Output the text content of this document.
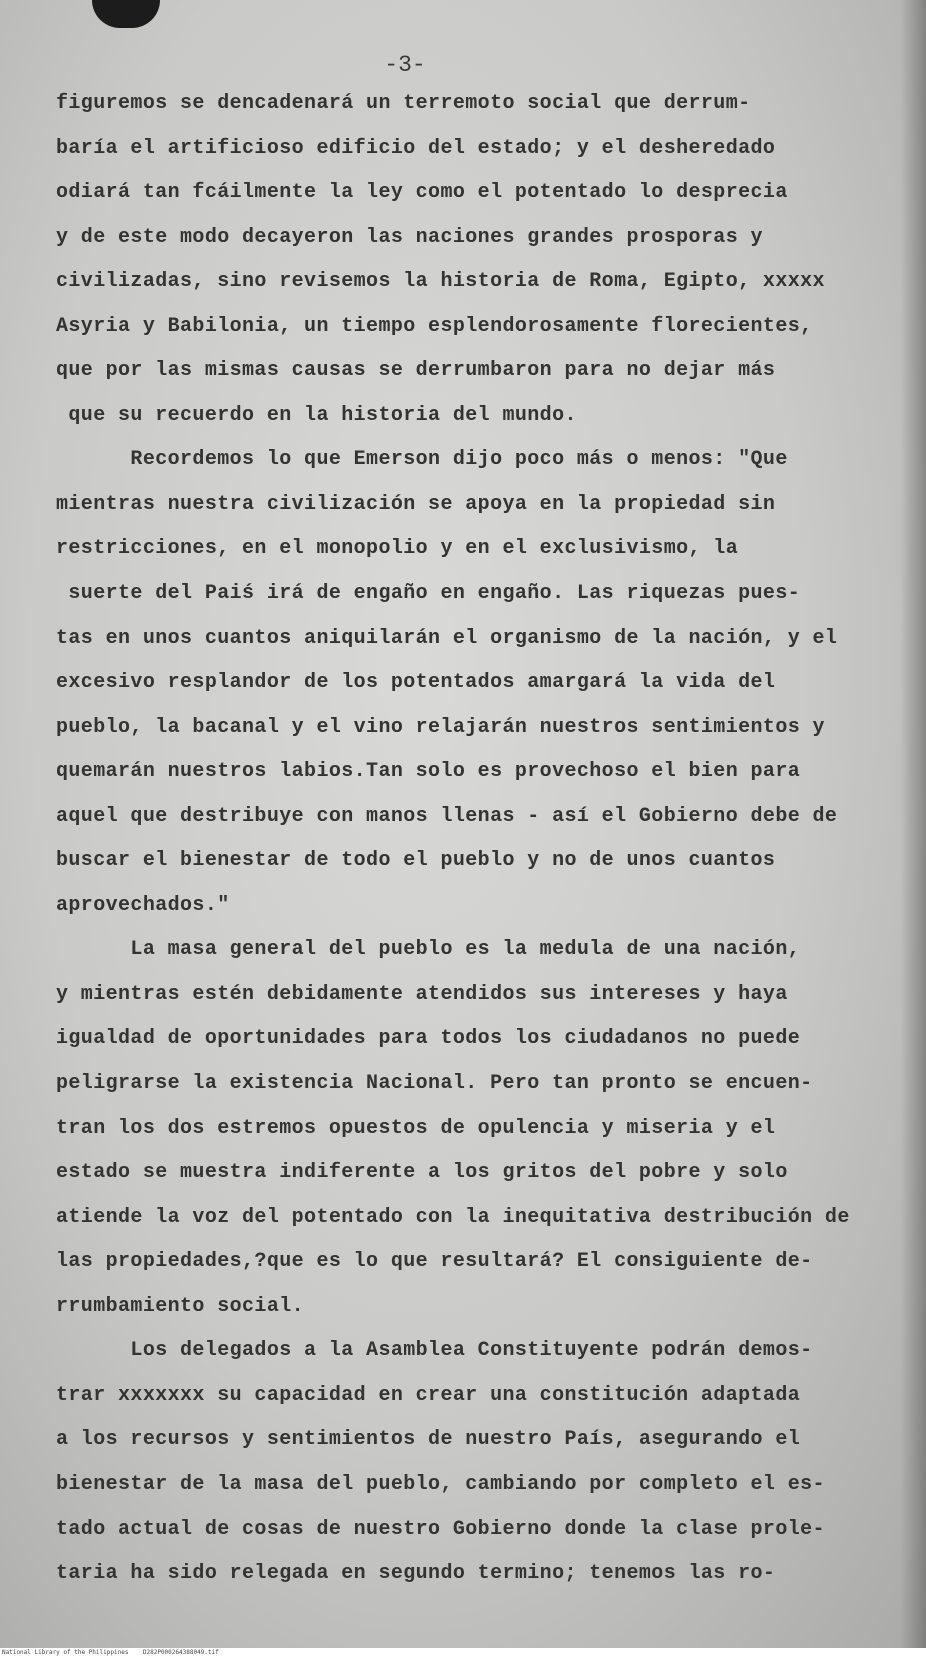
-3-
figuremos se dencadenará un terremoto social que derrum-
baría el artificioso edificio del estado; y el desheredado
odiará tan fcáilmente la ley como el potentado lo desprecia
y de este modo decayeron las naciones grandes prosporas y
civilizadas, sino revisemos la historia de Roma, Egipto, xxxxx
Asyria y Babilonia, un tiempo esplendorosamente florecientes,
que por las mismas causas se derrumbaron para no dejar más
que su recuerdo en la historia del mundo.
Recordemos lo que Emerson dijo poco más o menos: "Que
mientras nuestra civilización se apoya en la propiedad sin
restricciones, en el monopolio y en el exclusivismo, la
suerte del Paiś irá de engaño en engaño. Las riquezas pues-
tas en unos cuantos aniquilarán el organismo de la nación, y el
excesivo resplandor de los potentados amargará la vida del
pueblo, la bacanal y el vino relajarán nuestros sentimientos y
quemarán nuestros labios.Tan solo es provechoso el bien para
aquel que destribuye con manos llenas - así el Gobierno debe de
buscar el bienestar de todo el pueblo y no de unos cuantos
aprovechados."
La masa general del pueblo es la medula de una nación,
y mientras estén debidamente atendidos sus intereses y haya
igualdad de oportunidades para todos los ciudadanos no puede
peligrarse la existencia Nacional. Pero tan pronto se encuen-
tran los dos estremos opuestos de opulencia y miseria y el
estado se muestra indiferente a los gritos del pobre y solo
atiende la voz del potentado con la inequitativa destribución de
las propiedades,?que es lo que resultará? El consiguiente de-
rrumbamiento social.
Los delegados a la Asamblea Constituyente podrán demos-
trar xxxxxxx su capacidad en crear una constitución adaptada
a los recursos y sentimientos de nuestro País, asegurando el
bienestar de la masa del pueblo, cambiando por completo el es-
tado actual de cosas de nuestro Gobierno donde la clase prole-
taria ha sido relegada en segundo termino; tenemos las ro-
National Library of the Philippines    D282P000264388049.tif
